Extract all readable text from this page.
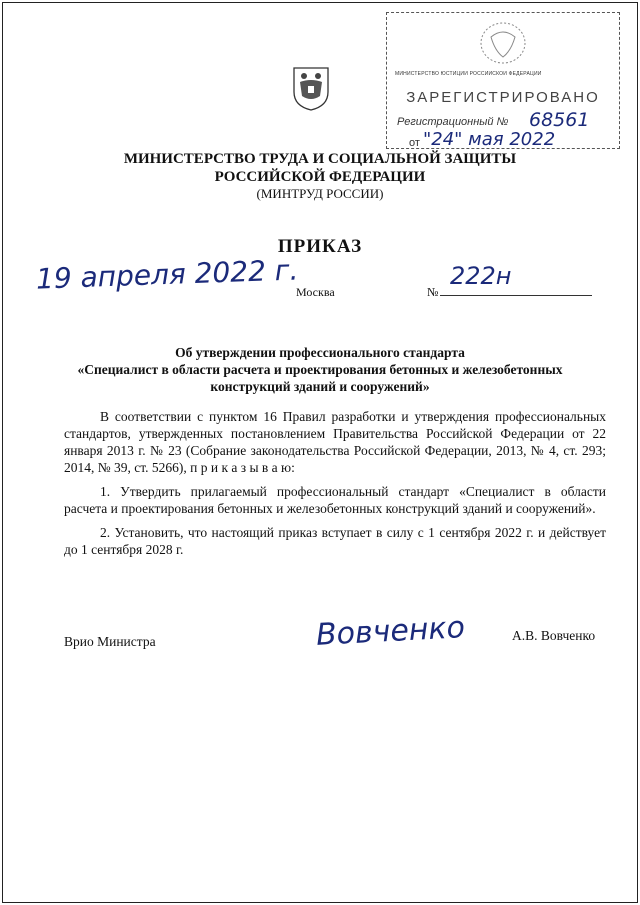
МИНИСТЕРСТВО ЮСТИЦИИ РОССИЙСКОЙ ФЕДЕРАЦИИ
ЗАРЕГИСТРИРОВАНО
Регистрационный № 68561
от "24" мая 2022
МИНИСТЕРСТВО ТРУДА И СОЦИАЛЬНОЙ ЗАЩИТЫ
РОССИЙСКОЙ ФЕДЕРАЦИИ
(МИНТРУД РОССИИ)
ПРИКАЗ
19 апреля 2022 г.
Москва	№
222н
Об утверждении профессионального стандарта
«Специалист в области расчета и проектирования бетонных и железобетонных
конструкций зданий и сооружений»

В соответствии с пунктом 16 Правил разработки и утверждения профессиональных стандартов, утвержденных постановлением Правительства Российской Федерации от 22 января 2013 г. № 23 (Собрание законодательства Российской Федерации, 2013, № 4, ст. 293; 2014, № 39, ст. 5266), п р и к а з ы в а ю:

1. Утвердить прилагаемый профессиональный стандарт «Специалист в области расчета и проектирования бетонных и железобетонных конструкций зданий и сооружений».

2. Установить, что настоящий приказ вступает в силу с 1 сентября 2022 г. и действует до 1 сентября 2028 г.

Врио Министра	Вовченко	А.В. Вовченко
